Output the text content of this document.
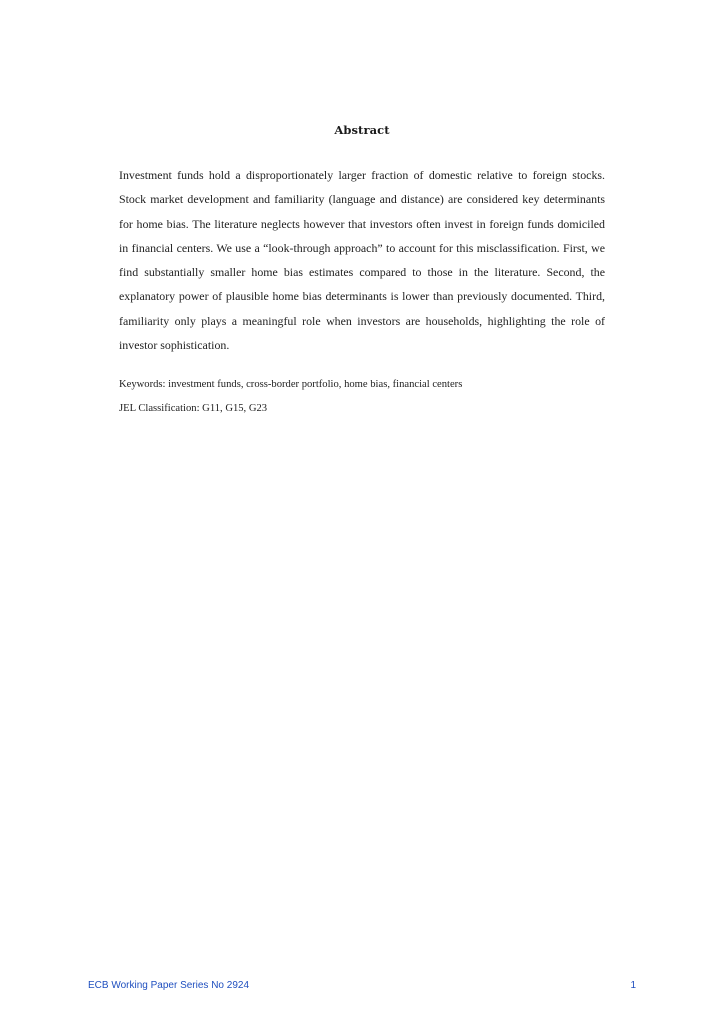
Abstract

Investment funds hold a disproportionately larger fraction of domestic relative to foreign stocks. Stock market development and familiarity (language and distance) are considered key determinants for home bias. The literature neglects however that investors often invest in foreign funds domiciled in financial centers. We use a “look-through approach” to account for this misclassification. First, we find substantially smaller home bias estimates compared to those in the literature. Second, the explanatory power of plausible home bias determinants is lower than previously documented. Third, familiarity only plays a meaningful role when investors are households, highlighting the role of investor sophistication.

Keywords: investment funds, cross-border portfolio, home bias, financial centers
JEL Classification: G11, G15, G23
ECB Working Paper Series No 2924	1
